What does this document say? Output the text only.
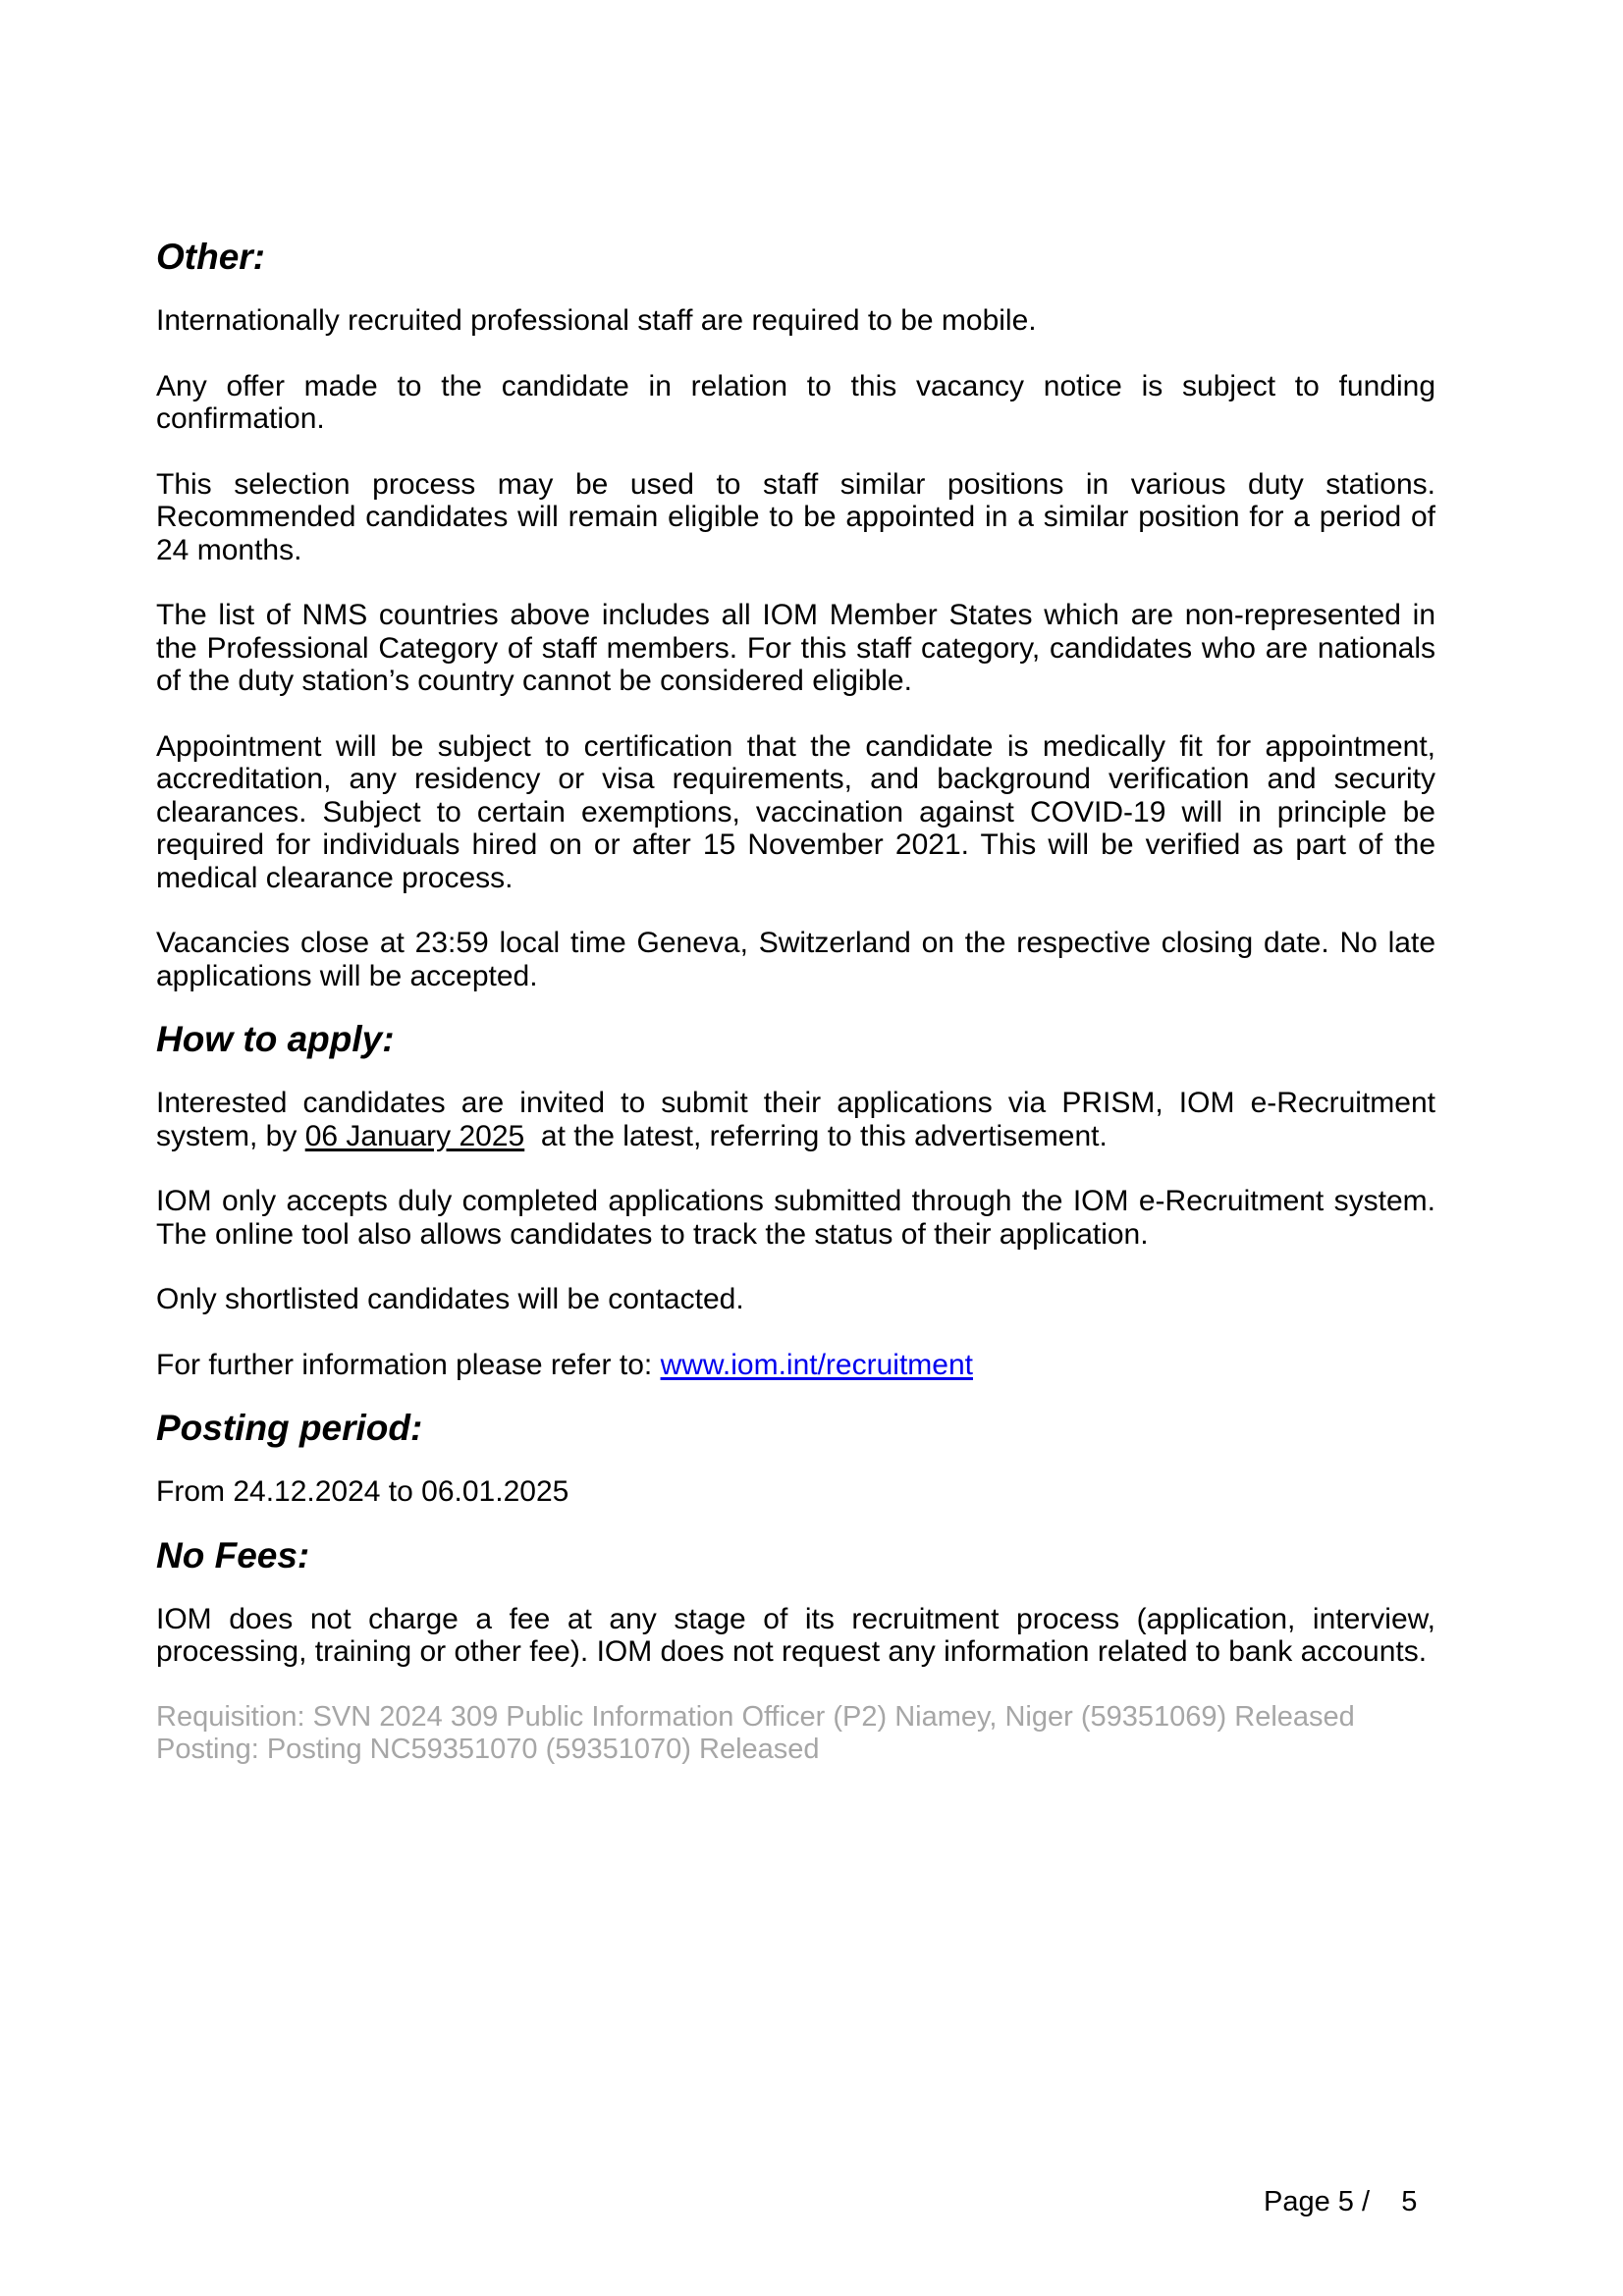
Other:

Internationally recruited professional staff are required to be mobile.

Any offer made to the candidate in relation to this vacancy notice is subject to funding confirmation.

This selection process may be used to staff similar positions in various duty stations. Recommended candidates will remain eligible to be appointed in a similar position for a period of 24 months.

The list of NMS countries above includes all IOM Member States which are non-represented in the Professional Category of staff members. For this staff category, candidates who are nationals of the duty station’s country cannot be considered eligible.

Appointment will be subject to certification that the candidate is medically fit for appointment, accreditation, any residency or visa requirements, and background verification and security clearances. Subject to certain exemptions, vaccination against COVID-19 will in principle be required for individuals hired on or after 15 November 2021. This will be verified as part of the medical clearance process.

Vacancies close at 23:59 local time Geneva, Switzerland on the respective closing date. No late applications will be accepted.

How to apply:

Interested candidates are invited to submit their applications via PRISM, IOM e-Recruitment system, by 06 January 2025  at the latest, referring to this advertisement.

IOM only accepts duly completed applications submitted through the IOM e-Recruitment system. The online tool also allows candidates to track the status of their application.

Only shortlisted candidates will be contacted.

For further information please refer to: www.iom.int/recruitment

Posting period:

From 24.12.2024 to 06.01.2025

No Fees:

IOM does not charge a fee at any stage of its recruitment process (application, interview, processing, training or other fee). IOM does not request any information related to bank accounts.

Requisition: SVN 2024 309 Public Information Officer (P2) Niamey, Niger (59351069) Released
Posting: Posting NC59351070 (59351070) Released
Page 5 /    5
